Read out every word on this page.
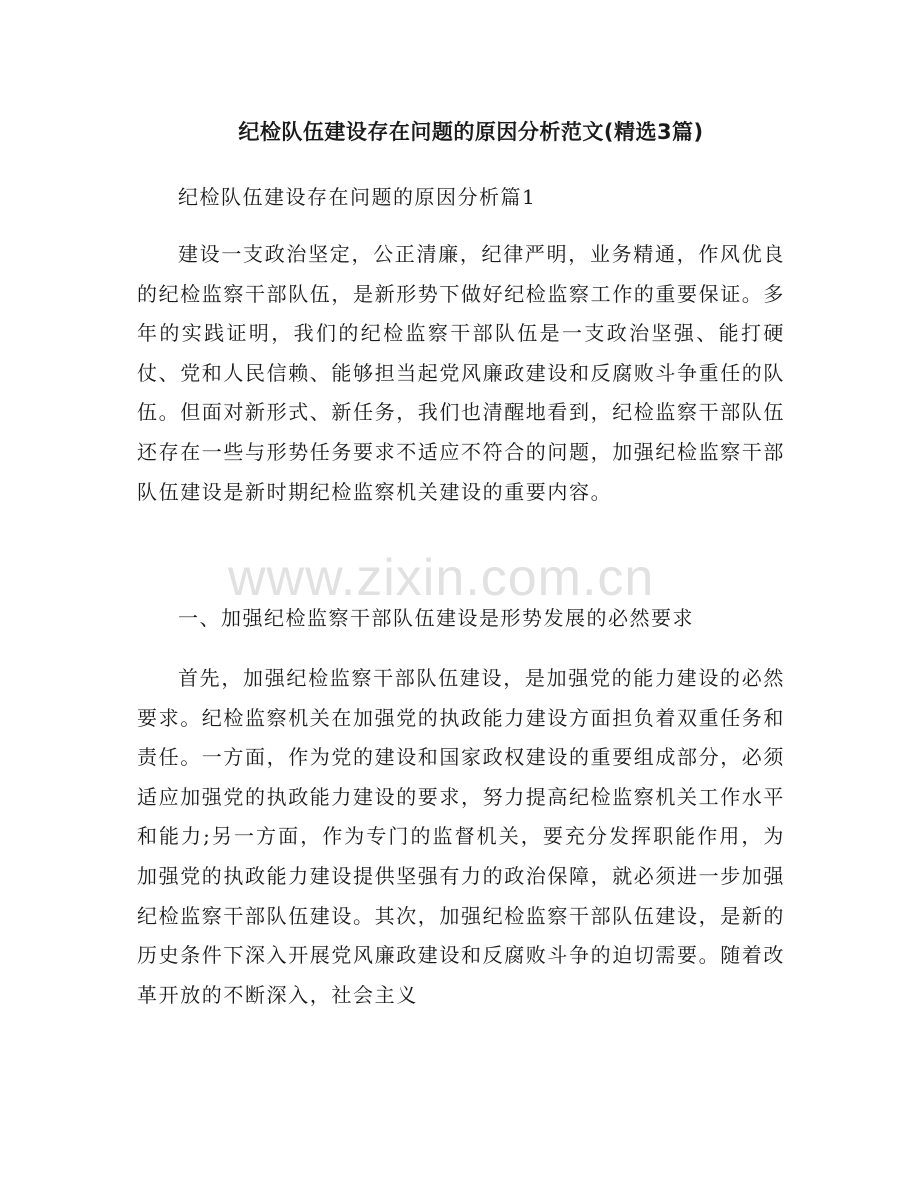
纪检队伍建设存在问题的原因分析范文(精选3篇)
纪检队伍建设存在问题的原因分析篇1

建设一支政治坚定，公正清廉，纪律严明，业务精通，作风优良的纪检监察干部队伍，是新形势下做好纪检监察工作的重要保证。多年的实践证明，我们的纪检监察干部队伍是一支政治坚强、能打硬仗、党和人民信赖、能够担当起党风廉政建设和反腐败斗争重任的队伍。但面对新形式、新任务，我们也清醒地看到，纪检监察干部队伍还存在一些与形势任务要求不适应不符合的问题，加强纪检监察干部队伍建设是新时期纪检监察机关建设的重要内容。

一、加强纪检监察干部队伍建设是形势发展的必然要求

首先，加强纪检监察干部队伍建设，是加强党的能力建设的必然要求。纪检监察机关在加强党的执政能力建设方面担负着双重任务和责任。一方面，作为党的建设和国家政权建设的重要组成部分，必须适应加强党的执政能力建设的要求，努力提高纪检监察机关工作水平和能力;另一方面，作为专门的监督机关，要充分发挥职能作用，为加强党的执政能力建设提供坚强有力的政治保障，就必须进一步加强纪检监察干部队伍建设。其次，加强纪检监察干部队伍建设，是新的历史条件下深入开展党风廉政建设和反腐败斗争的迫切需要。随着改革开放的不断深入，社会主义

www.zixin.com.cn
